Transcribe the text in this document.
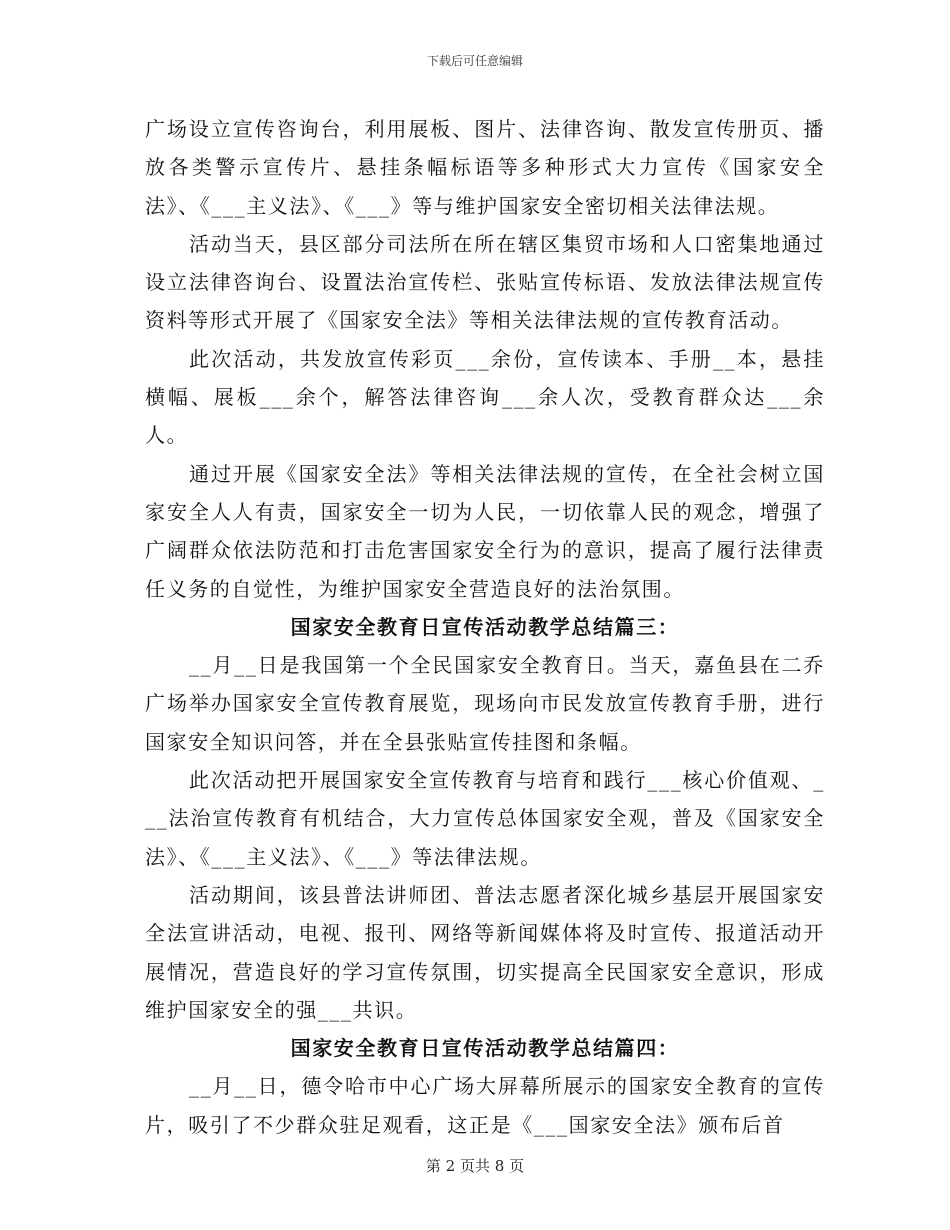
下载后可任意编辑

广场设立宣传咨询台，利用展板、图片、法律咨询、散发宣传册页、播放各类警示宣传片、悬挂条幅标语等多种形式大力宣传《国家安全法》、《___主义法》、《___》等与维护国家安全密切相关法律法规。

活动当天，县区部分司法所在所在辖区集贸市场和人口密集地通过设立法律咨询台、设置法治宣传栏、张贴宣传标语、发放法律法规宣传资料等形式开展了《国家安全法》等相关法律法规的宣传教育活动。

此次活动，共发放宣传彩页___余份，宣传读本、手册__本，悬挂横幅、展板___余个，解答法律咨询___余人次，受教育群众达___余人。

通过开展《国家安全法》等相关法律法规的宣传，在全社会树立国家安全人人有责，国家安全一切为人民，一切依靠人民的观念，增强了广阔群众依法防范和打击危害国家安全行为的意识，提高了履行法律责任义务的自觉性，为维护国家安全营造良好的法治氛围。

国家安全教育日宣传活动教学总结篇三：

__月__日是我国第一个全民国家安全教育日。当天，嘉鱼县在二乔广场举办国家安全宣传教育展览，现场向市民发放宣传教育手册，进行国家安全知识问答，并在全县张贴宣传挂图和条幅。

此次活动把开展国家安全宣传教育与培育和践行___核心价值观、___法治宣传教育有机结合，大力宣传总体国家安全观，普及《国家安全法》、《___主义法》、《___》等法律法规。

活动期间，该县普法讲师团、普法志愿者深化城乡基层开展国家安全法宣讲活动，电视、报刊、网络等新闻媒体将及时宣传、报道活动开展情况，营造良好的学习宣传氛围，切实提高全民国家安全意识，形成维护国家安全的强___共识。

国家安全教育日宣传活动教学总结篇四：

__月__日，德令哈市中心广场大屏幕所展示的国家安全教育的宣传片，吸引了不少群众驻足观看，这正是《___国家安全法》颁布后首

第 2 页共 8 页
